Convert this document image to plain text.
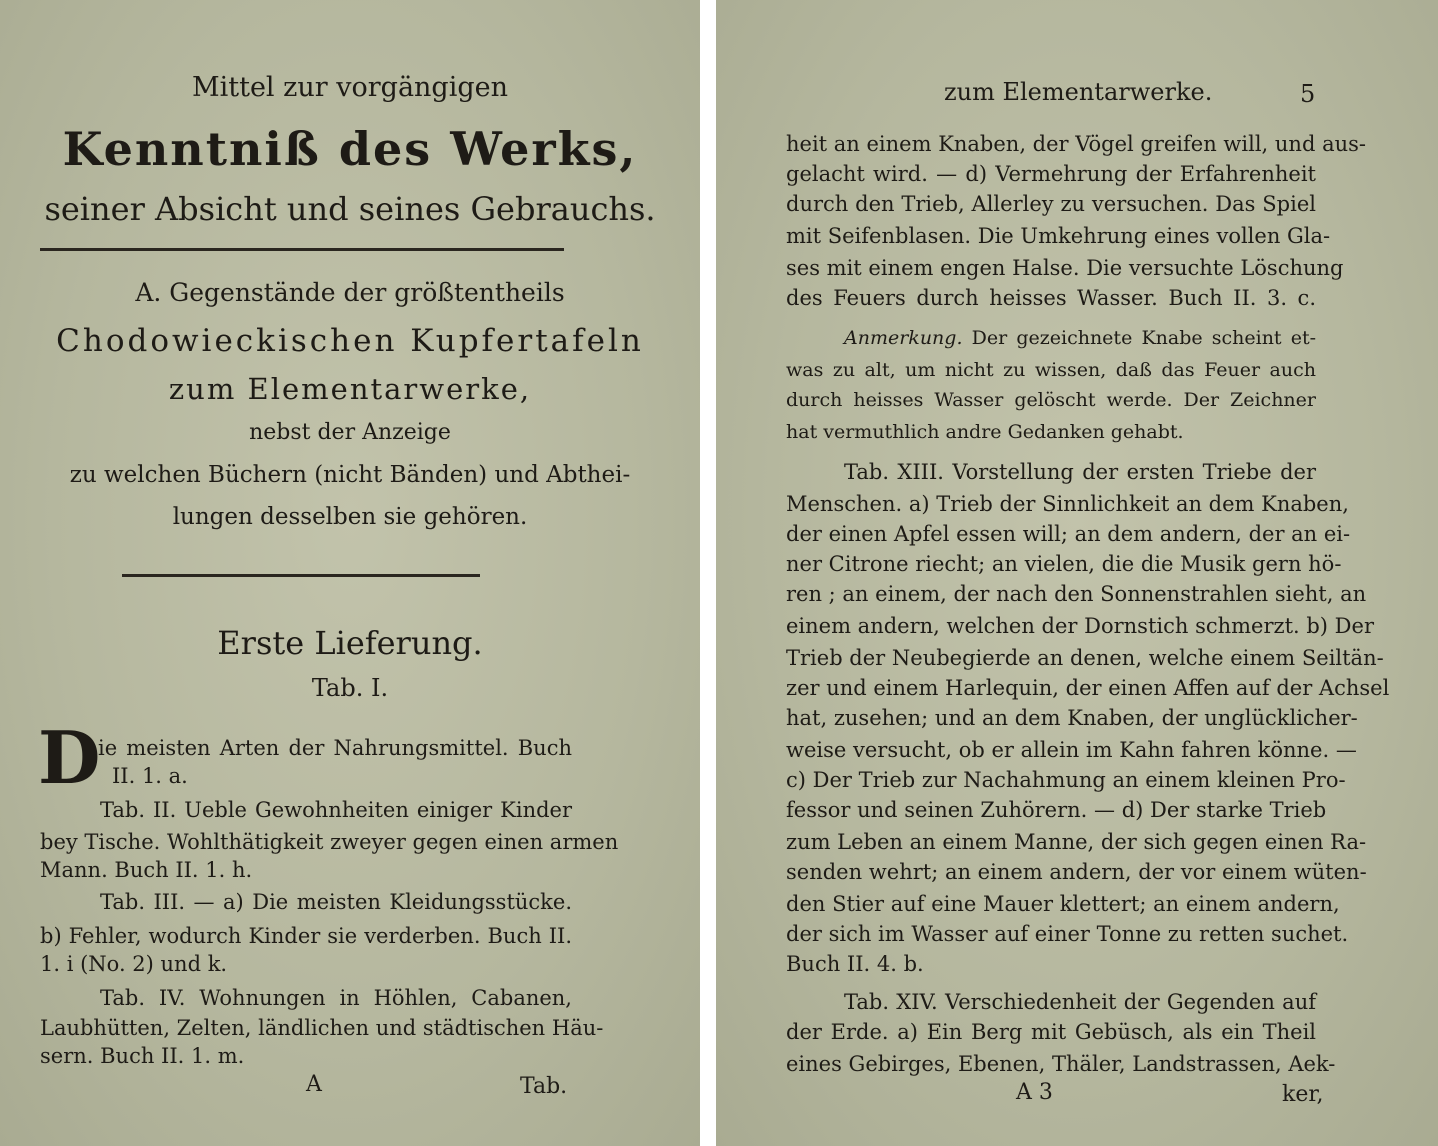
Mittel zur vorgängigen
Kenntniß des Werks,
seiner Absicht und seines Gebrauchs.
A. Gegenstände der größtentheils
Chodowieckischen Kupfertafeln
zum Elementarwerke,
nebst der Anzeige
zu welchen Büchern (nicht Bänden) und Abthei-
lungen desselben sie gehören.
Erste Lieferung.
Tab. I.
D
ie meisten Arten der Nahrungsmittel. Buch
II. 1. a.
Tab. II. Ueble Gewohnheiten einiger Kinder
bey Tische. Wohlthätigkeit zweyer gegen einen armen
Mann. Buch II. 1. h.
Tab. III. — a) Die meisten Kleidungsstücke.
b) Fehler, wodurch Kinder sie verderben. Buch II.
1. i (No. 2) und k.
Tab. IV. Wohnungen in Höhlen, Cabanen,
Laubhütten, Zelten, ländlichen und städtischen Häu-
sern. Buch II. 1. m.
A	Tab.
zum Elementarwerke.	5
heit an einem Knaben, der Vögel greifen will, und aus-
gelacht wird. — d) Vermehrung der Erfahrenheit
durch den Trieb, Allerley zu versuchen. Das Spiel
mit Seifenblasen. Die Umkehrung eines vollen Gla-
ses mit einem engen Halse. Die versuchte Löschung
des Feuers durch heisses Wasser. Buch II. 3. c.
Anmerkung. Der gezeichnete Knabe scheint et-
was zu alt, um nicht zu wissen, daß das Feuer auch
durch heisses Wasser gelöscht werde. Der Zeichner
hat vermuthlich andre Gedanken gehabt.
Tab. XIII. Vorstellung der ersten Triebe der
Menschen. a) Trieb der Sinnlichkeit an dem Knaben,
der einen Apfel essen will; an dem andern, der an ei-
ner Citrone riecht; an vielen, die die Musik gern hö-
ren ; an einem, der nach den Sonnenstrahlen sieht, an
einem andern, welchen der Dornstich schmerzt. b) Der
Trieb der Neubegierde an denen, welche einem Seiltän-
zer und einem Harlequin, der einen Affen auf der Achsel
hat, zusehen; und an dem Knaben, der unglücklicher-
weise versucht, ob er allein im Kahn fahren könne. —
c) Der Trieb zur Nachahmung an einem kleinen Pro-
fessor und seinen Zuhörern. — d) Der starke Trieb
zum Leben an einem Manne, der sich gegen einen Ra-
senden wehrt; an einem andern, der vor einem wüten-
den Stier auf eine Mauer klettert; an einem andern,
der sich im Wasser auf einer Tonne zu retten suchet.
Buch II. 4. b.
Tab. XIV. Verschiedenheit der Gegenden auf
der Erde. a) Ein Berg mit Gebüsch, als ein Theil
eines Gebirges, Ebenen, Thäler, Landstrassen, Aek-
A 3	ker,
